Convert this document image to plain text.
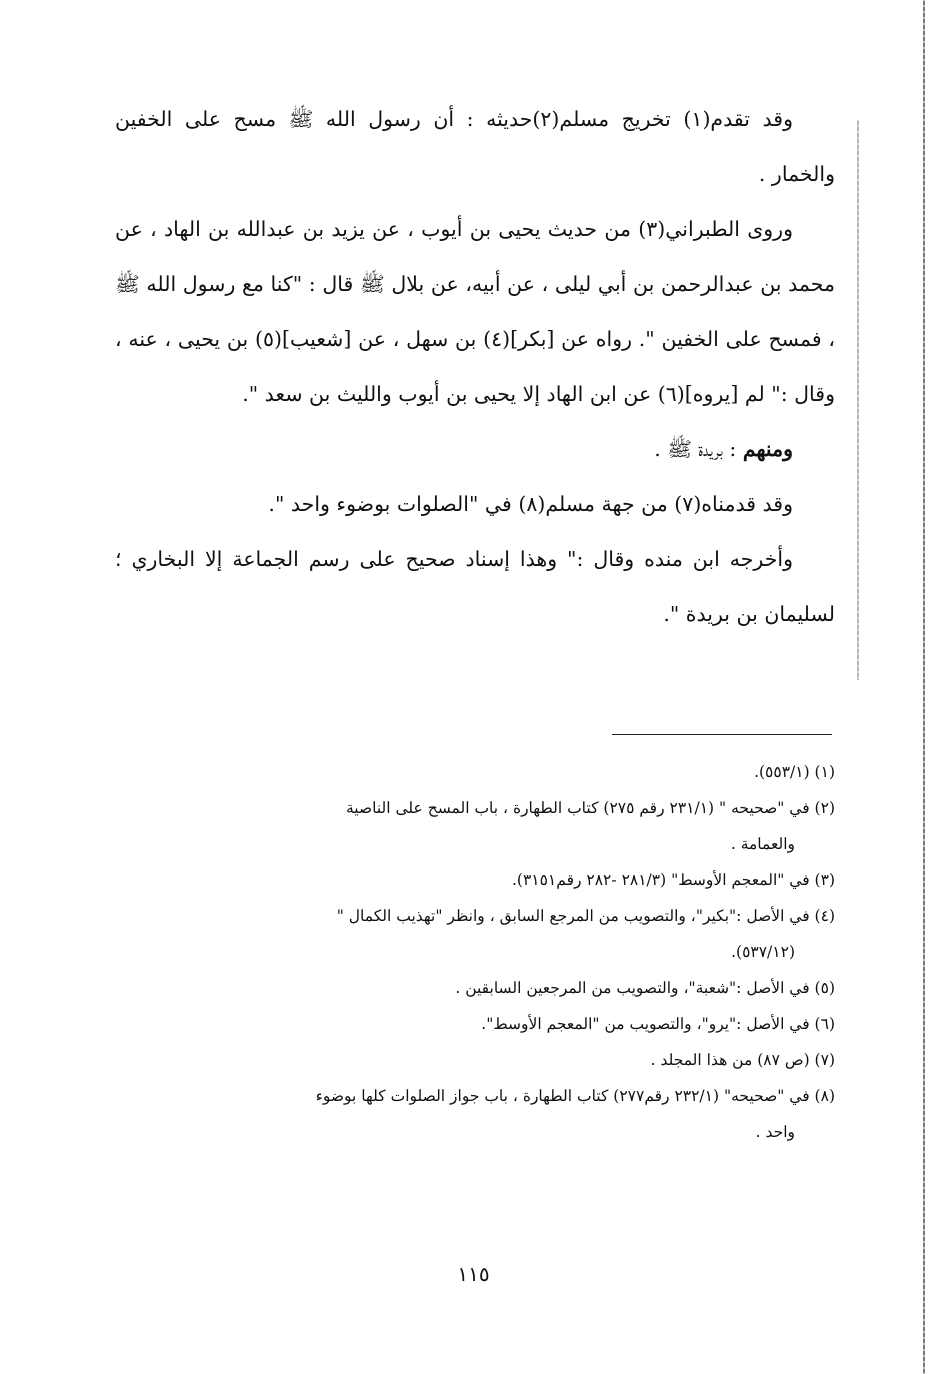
وقد تقدم(١) تخريج مسلم(٢)حديثه : أن رسول الله ﷺ مسح على الخفين والخمار .

وروى الطبراني(٣) من حديث يحيى بن أيوب ، عن يزيد بن عبدالله بن الهاد ، عن محمد بن عبدالرحمن بن أبي ليلى ، عن أبيه، عن بلال ﷺ قال : "كنا مع رسول الله ﷺ ، فمسح على الخفين ". رواه عن [بكر](٤) بن سهل ، عن [شعيب](٥) بن يحيى ، عنه ، وقال :" لم [يروه](٦) عن ابن الهاد إلا يحيى بن أيوب والليث بن سعد ".

ومنهم : بريدة ﷺ .

وقد قدمناه(٧) من جهة مسلم(٨) في "الصلوات بوضوء واحد ".

وأخرجه ابن منده وقال :" وهذا إسناد صحيح على رسم الجماعة إلا البخاري ؛ لسليمان بن بريدة ".

(١) (٥٥٣/١).

(٢) في "صحيحه " (٢٣١/١ رقم ٢٧٥) كتاب الطهارة ، باب المسح على الناصية
والعمامة .

(٣) في "المعجم الأوسط" (٢٨١/٣ -٢٨٢ رقم٣١٥١).

(٤) في الأصل :"بكير"، والتصويب من المرجع السابق ، وانظر "تهذيب الكمال "
(٥٣٧/١٢).

(٥) في الأصل :"شعبة"، والتصويب من المرجعين السابقين .

(٦) في الأصل :"يرو"، والتصويب من "المعجم الأوسط".

(٧) (ص ٨٧) من هذا المجلد .

(٨) في "صحيحه" (٢٣٢/١ رقم٢٧٧) كتاب الطهارة ، باب جواز الصلوات كلها بوضوء
واحد .

١١٥
